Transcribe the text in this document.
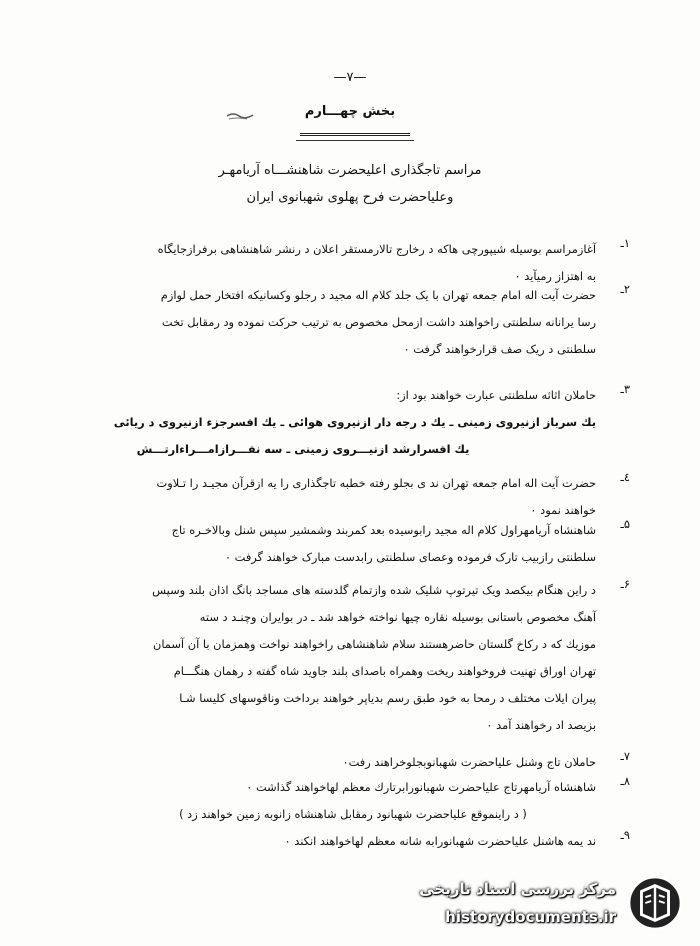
—۷—
بخش چهـــارم
مراسم تاجگذاری اعلیحضرت شاهنشـــاه آریامهـر
وعلیاحضرت فرح پهلوی شهبانوی ایران
۱ـ
آغازمراسم بوسیله شیپورچی هاکه د رخارج تالارمستقر اعلان د رنشر شاهنشاهی برفرازجایگاه
به اهتزاز رمیآید ۰
۲ـ
حضرت آیت اله امام جمعه تهران با یک جلد کلام اله مجید د رجلو وکسانیکه افتخار حمل لوازم
رسا یرانانه سلطنتی راخواهند داشت ازمحل مخصوص به ترتیب حرکت نموده ود رمقابل تخت
سلطنتی د ریک صف قرارخواهند گرفت ۰
۳ـ
حاملان اثاثه سلطنتی عبارت خواهند بود از:
یك سرباز ازنیروی زمینی ـ یك د رجه دار ازنیروی هوائی ـ یك افسرجزء ازنیروی د ریائی
یك افسرارشد ازنیـــروی زمینی ـ سه نفـــرازامـــراءارتـــش
٤ـ
حضرت آیت اله امام جمعه تهران ند ی بجلو رفته خطبه تاجگذاری را یه ازقرآن مجیـد را تـلاوت
خواهند نمود ۰
۵ـ
شاهنشاه آریامهراول کلام اله مجید رابوسیده بعد کمربند وشمشیر سپس شنل وبالاخـره تاج
سلطنتی رازبیب تارک فرموده وعصای سلطنتی رابدست مبارک خواهند گرفت ۰
۶ـ
د راین هنگام بیکصد ویک تیرتوپ شلیک شده وازتمام گلدسته های مساجد بانگ اذان بلند وسپس
آهنگ مخصوص باستانی بوسیله نقاره چیها نواخته خواهد شد ـ در بوایران وچنـد د سته
موزیك كه د رکاخ گلستان حاضرهستند سلام شاهنشاهی راخواهند نواخت وهمزمان با آن آسمان
تهران اوراق تهنیت فروخواهند ریخت وهمراه باصدای بلند جاوید شاه گفته د رهمان هنگـــام
پیران ایلات مختلف د رمحا به خود طبق رسم بدیاپر خواهند برداخت وناقوسهای کلیسا شـا
بزیصد اد رخواهند آمد ۰
۷ـ
حاملان تاج وشنل علیاحضرت شهبانوبجلوخراهند رفت۰
۸ـ
شاهنشاه آریامهرتاج علیاحضرت شهبانورابرتارك معظم لهاخواهند گذاشت ۰
( د راینموقع علیاحضرت شهبانود رمقابل شاهنشاه زانوبه زمین خواهند زد )
۹ـ
ند یمه هاشنل علیاحضرت شهبانورابه شانه معظم لهاخواهند انکند ۰
مرکز بررسی اسناد تاریخی
historydocuments.ir
